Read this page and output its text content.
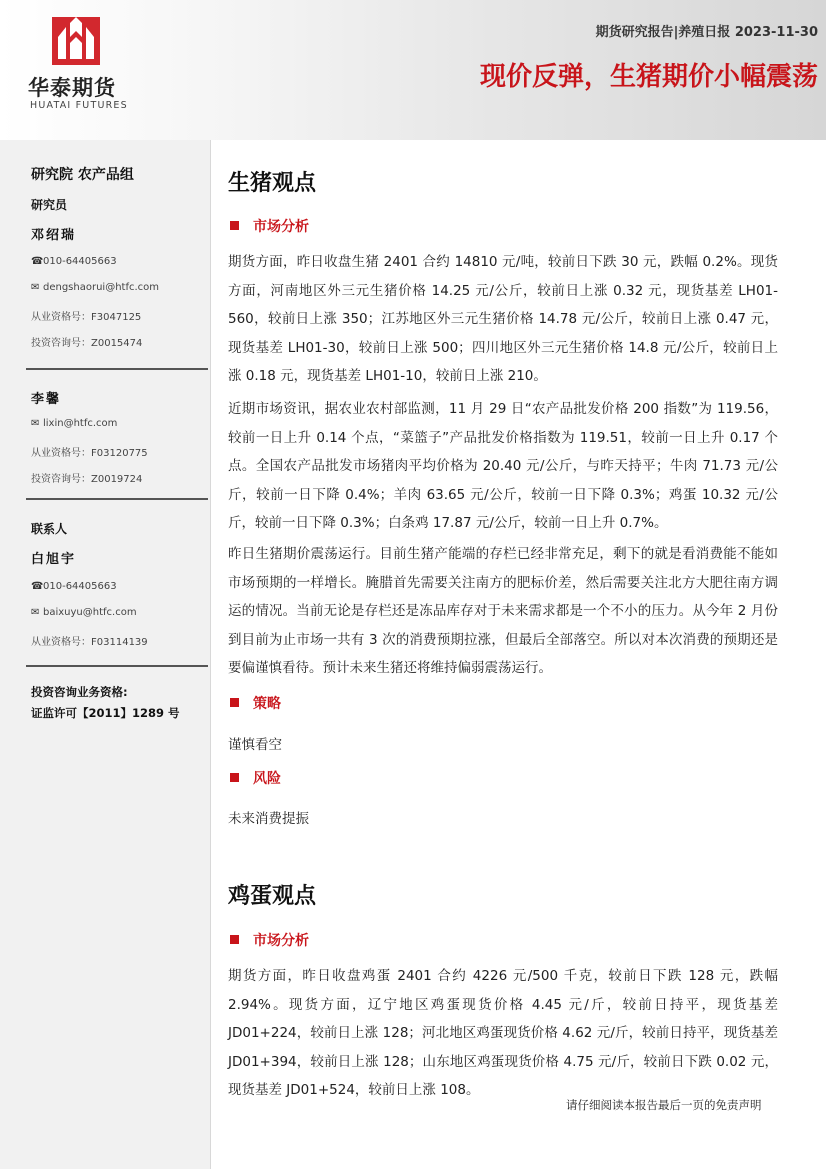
华泰期货
HUATAI FUTURES
期货研究报告|养殖日报 2023-11-30
现价反弹，生猪期价小幅震荡
研究院 农产品组
研究员
邓绍瑞
☎010-64405663
✉ dengshaorui@htfc.com
从业资格号：F3047125
投资咨询号：Z0015474
李馨
✉ lixin@htfc.com
从业资格号：F03120775
投资咨询号：Z0019724
联系人
白旭宇
☎010-64405663
✉ baixuyu@htfc.com
从业资格号：F03114139
投资咨询业务资格:
证监许可【2011】1289 号
生猪观点
市场分析

期货方面，昨日收盘生猪 2401 合约 14810 元/吨，较前日下跌 30 元，跌幅 0.2%。现货方面，河南地区外三元生猪价格 14.25 元/公斤，较前日上涨 0.32 元，现货基差 LH01-560，较前日上涨 350；江苏地区外三元生猪价格 14.78 元/公斤，较前日上涨 0.47 元，现货基差 LH01-30，较前日上涨 500；四川地区外三元生猪价格 14.8 元/公斤，较前日上涨 0.18 元，现货基差 LH01-10，较前日上涨 210。

近期市场资讯，据农业农村部监测，11 月 29 日“农产品批发价格 200 指数”为 119.56，较前一日上升 0.14 个点，“菜篮子”产品批发价格指数为 119.51，较前一日上升 0.17 个点。全国农产品批发市场猪肉平均价格为 20.40 元/公斤，与昨天持平；牛肉 71.73 元/公斤，较前一日下降 0.4%；羊肉 63.65 元/公斤，较前一日下降 0.3%；鸡蛋 10.32 元/公斤，较前一日下降 0.3%；白条鸡 17.87 元/公斤，较前一日上升 0.7%。

昨日生猪期价震荡运行。目前生猪产能端的存栏已经非常充足，剩下的就是看消费能不能如市场预期的一样增长。腌腊首先需要关注南方的肥标价差，然后需要关注北方大肥往南方调运的情况。当前无论是存栏还是冻品库存对于未来需求都是一个不小的压力。从今年 2 月份到目前为止市场一共有 3 次的消费预期拉涨，但最后全部落空。所以对本次消费的预期还是要偏谨慎看待。预计未来生猪还将维持偏弱震荡运行。

策略
谨慎看空
风险
未来消费提振
鸡蛋观点
市场分析

期货方面，昨日收盘鸡蛋 2401 合约 4226 元/500 千克，较前日下跌 128 元，跌幅 2.94%。现货方面，辽宁地区鸡蛋现货价格 4.45 元/斤，较前日持平，现货基差 JD01+224，较前日上涨 128；河北地区鸡蛋现货价格 4.62 元/斤，较前日持平，现货基差 JD01+394，较前日上涨 128；山东地区鸡蛋现货价格 4.75 元/斤，较前日下跌 0.02 元，现货基差 JD01+524，较前日上涨 108。

请仔细阅读本报告最后一页的免责声明
